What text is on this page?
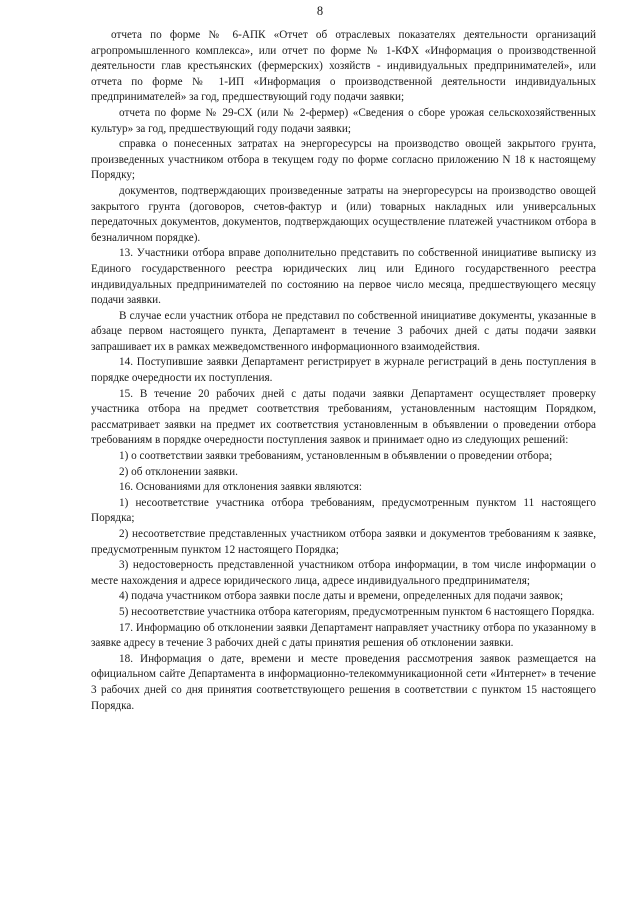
8

отчета по форме № 6-АПК «Отчет об отраслевых показателях деятельности организаций агропромышленного комплекса», или отчет по форме № 1-КФХ «Информация о производственной деятельности глав крестьянских (фермерских) хозяйств - индивидуальных предпринимателей», или отчета по форме № 1-ИП «Информация о производственной деятельности индивидуальных предпринимателей» за год, предшествующий году подачи заявки;

отчета по форме № 29-СХ (или № 2-фермер) «Сведения о сборе урожая сельскохозяйственных культур» за год, предшествующий году подачи заявки;

справка о понесенных затратах на энергоресурсы на производство овощей закрытого грунта, произведенных участником отбора в текущем году по форме согласно приложению N 18 к настоящему Порядку;

документов, подтверждающих произведенные затраты на энергоресурсы на производство овощей закрытого грунта (договоров, счетов-фактур и (или) товарных накладных или универсальных передаточных документов, документов, подтверждающих осуществление платежей участником отбора в безналичном порядке).

13. Участники отбора вправе дополнительно представить по собственной инициативе выписку из Единого государственного реестра юридических лиц или Единого государственного реестра индивидуальных предпринимателей по состоянию на первое число месяца, предшествующего месяцу подачи заявки.

В случае если участник отбора не представил по собственной инициативе документы, указанные в абзаце первом настоящего пункта, Департамент в течение 3 рабочих дней с даты подачи заявки запрашивает их в рамках межведомственного информационного взаимодействия.

14. Поступившие заявки Департамент регистрирует в журнале регистраций в день поступления в порядке очередности их поступления.

15. В течение 20 рабочих дней с даты подачи заявки Департамент осуществляет проверку участника отбора на предмет соответствия требованиям, установленным настоящим Порядком, рассматривает заявки на предмет их соответствия установленным в объявлении о проведении отбора требованиям в порядке очередности поступления заявок и принимает одно из следующих решений:

1) о соответствии заявки требованиям, установленным в объявлении о проведении отбора;

2) об отклонении заявки.

16. Основаниями для отклонения заявки являются:

1) несоответствие участника отбора требованиям, предусмотренным пунктом 11 настоящего Порядка;

2) несоответствие представленных участником отбора заявки и документов требованиям к заявке, предусмотренным пунктом 12 настоящего Порядка;

3) недостоверность представленной участником отбора информации, в том числе информации о месте нахождения и адресе юридического лица, адресе индивидуального предпринимателя;

4) подача участником отбора заявки после даты и времени, определенных для подачи заявок;

5) несоответствие участника отбора категориям, предусмотренным пунктом 6 настоящего Порядка.

17. Информацию об отклонении заявки Департамент направляет участнику отбора по указанному в заявке адресу в течение 3 рабочих дней с даты принятия решения об отклонении заявки.

18. Информация о дате, времени и месте проведения рассмотрения заявок размещается на официальном сайте Департамента в информационно-телекоммуникационной сети «Интернет» в течение 3 рабочих дней со дня принятия соответствующего решения в соответствии с пунктом 15 настоящего Порядка.
